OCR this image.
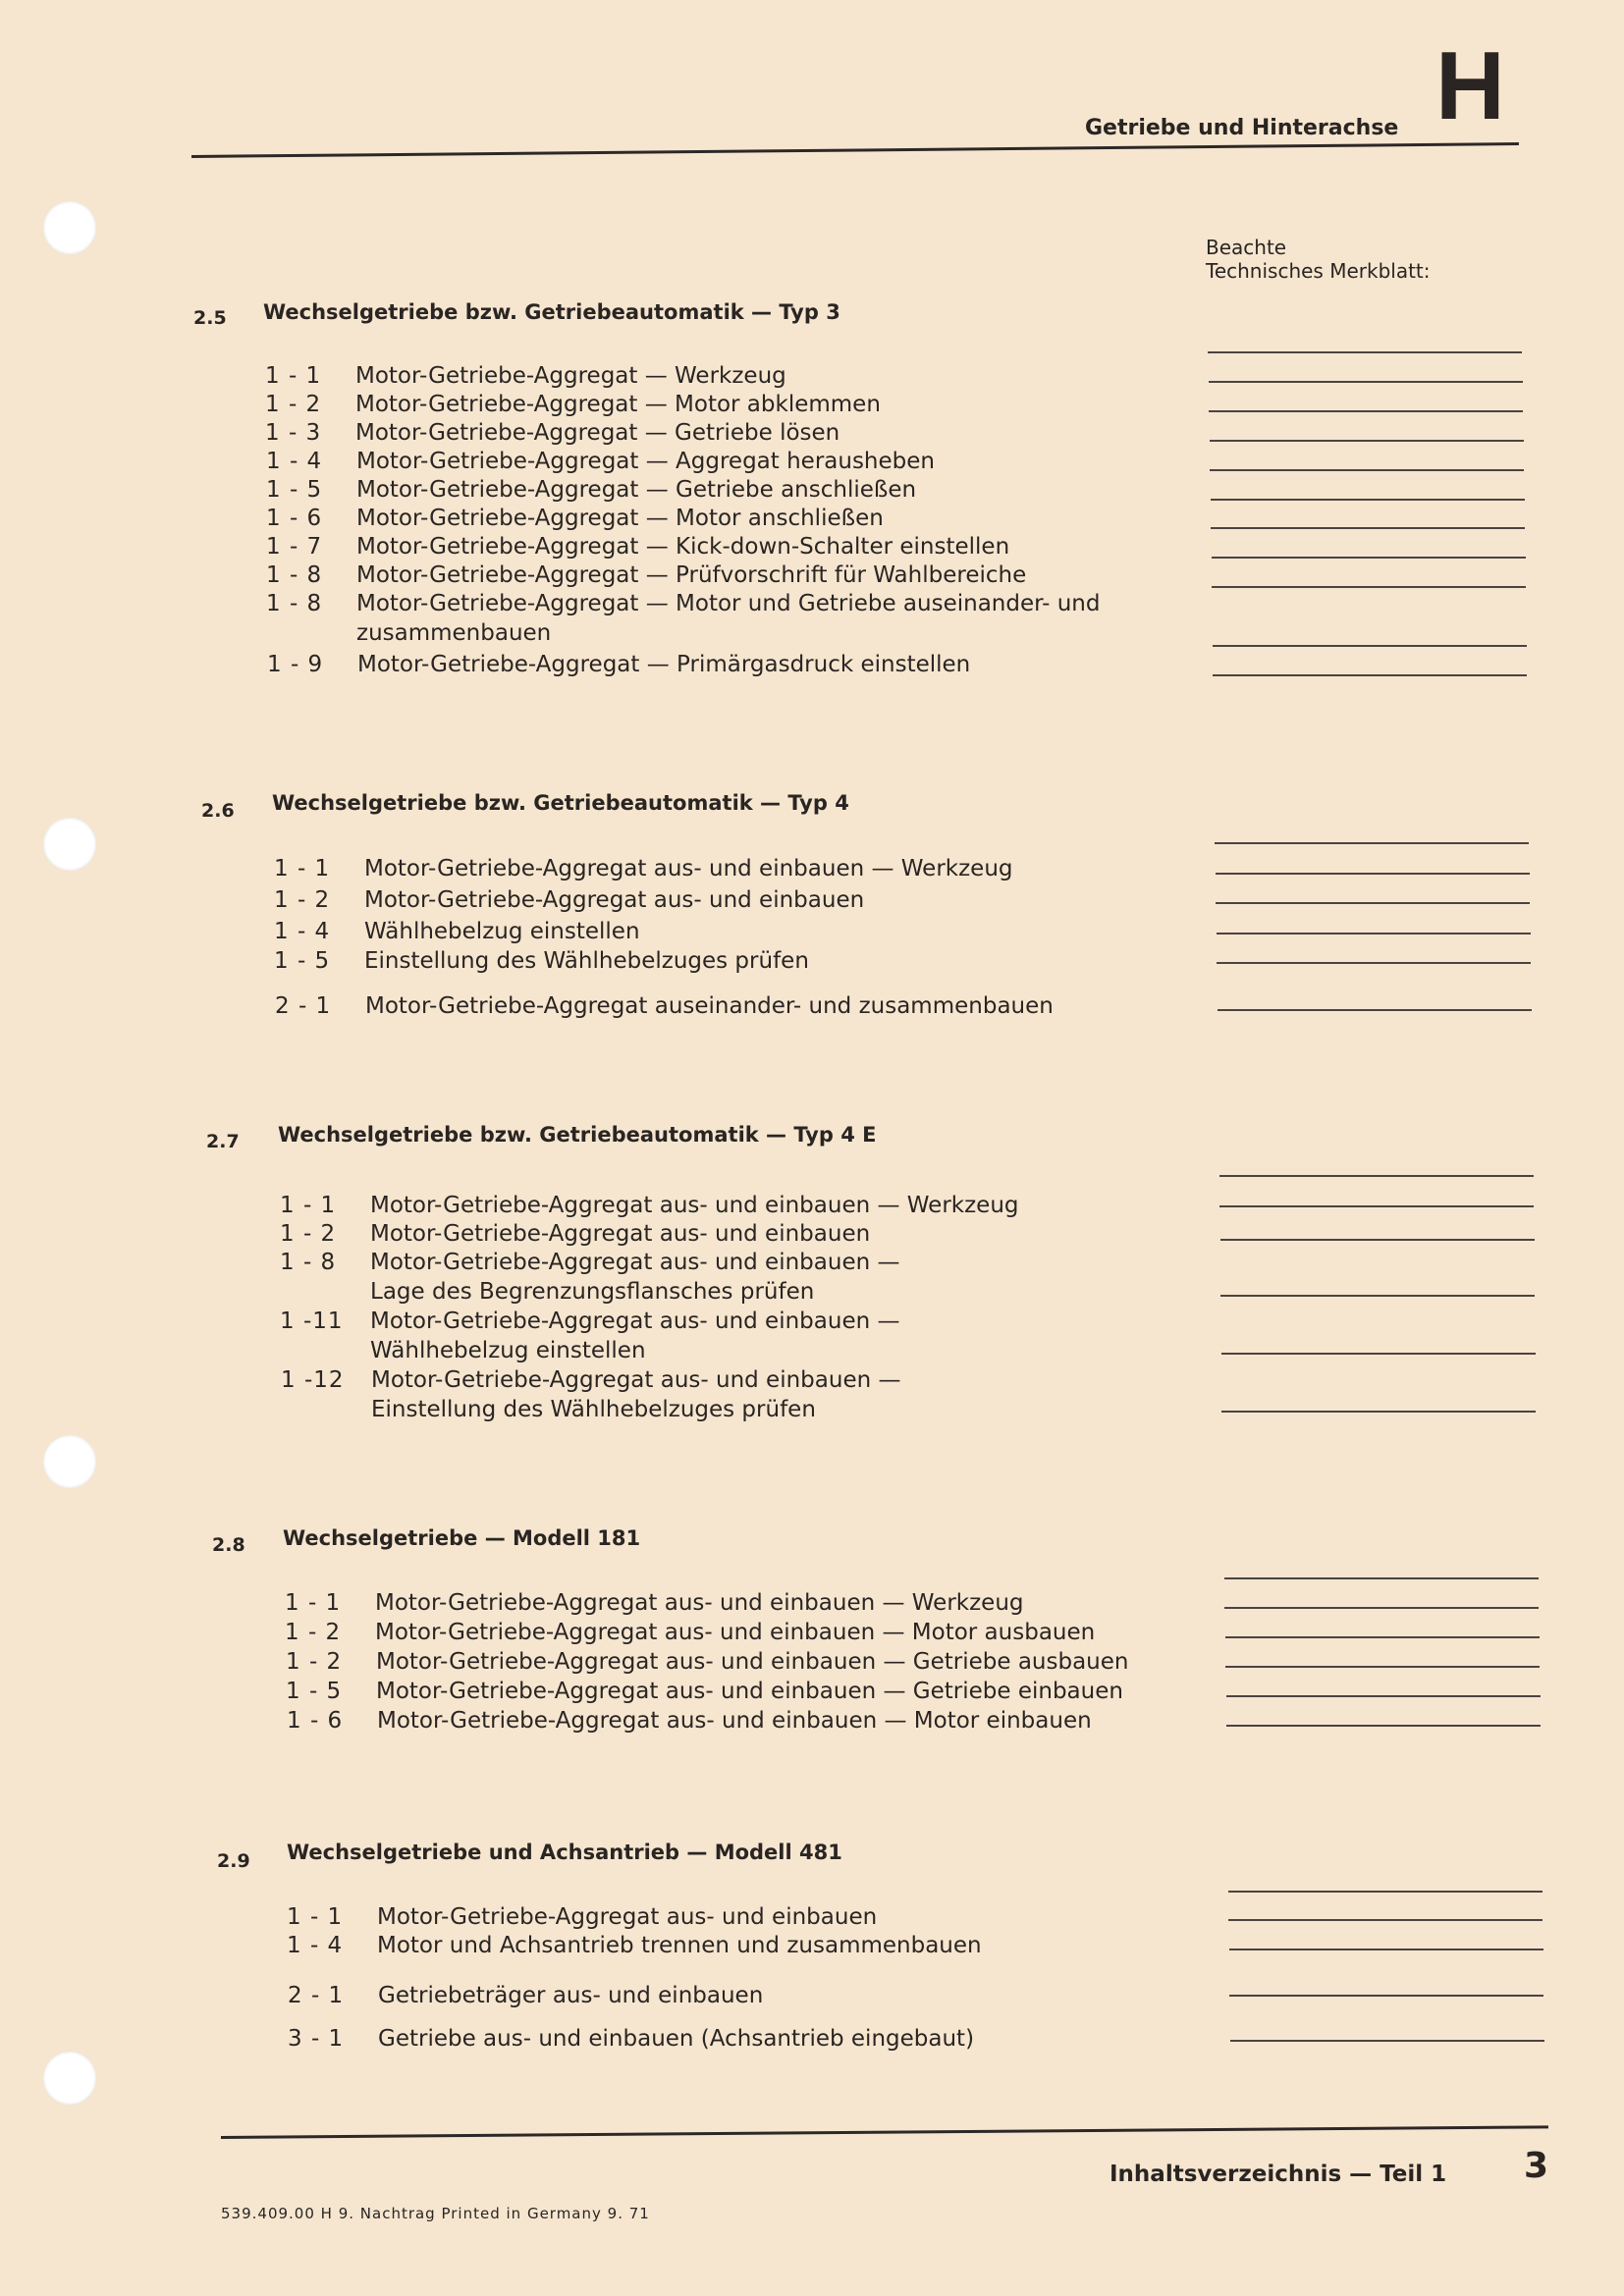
Getriebe und Hinterachse H
Beachte
Technisches Merkblatt:
2.5 Wechselgetriebe bzw. Getriebeautomatik — Typ 3
1 - 1 Motor-Getriebe-Aggregat — Werkzeug
1 - 2 Motor-Getriebe-Aggregat — Motor abklemmen
1 - 3 Motor-Getriebe-Aggregat — Getriebe lösen
1 - 4 Motor-Getriebe-Aggregat — Aggregat herausheben
1 - 5 Motor-Getriebe-Aggregat — Getriebe anschließen
1 - 6 Motor-Getriebe-Aggregat — Motor anschließen
1 - 7 Motor-Getriebe-Aggregat — Kick-down-Schalter einstellen
1 - 8 Motor-Getriebe-Aggregat — Prüfvorschrift für Wahlbereiche
1 - 8 Motor-Getriebe-Aggregat — Motor und Getriebe auseinander- und
zusammenbauen
1 - 9 Motor-Getriebe-Aggregat — Primärgasdruck einstellen
2.6 Wechselgetriebe bzw. Getriebeautomatik — Typ 4
1 - 1 Motor-Getriebe-Aggregat aus- und einbauen — Werkzeug
1 - 2 Motor-Getriebe-Aggregat aus- und einbauen
1 - 4 Wählhebelzug einstellen
1 - 5 Einstellung des Wählhebelzuges prüfen
2 - 1 Motor-Getriebe-Aggregat auseinander- und zusammenbauen
2.7 Wechselgetriebe bzw. Getriebeautomatik — Typ 4 E
1 - 1 Motor-Getriebe-Aggregat aus- und einbauen — Werkzeug
1 - 2 Motor-Getriebe-Aggregat aus- und einbauen
1 - 8 Motor-Getriebe-Aggregat aus- und einbauen —
Lage des Begrenzungsflansches prüfen
1 -11 Motor-Getriebe-Aggregat aus- und einbauen —
Wählhebelzug einstellen
1 -12 Motor-Getriebe-Aggregat aus- und einbauen —
Einstellung des Wählhebelzuges prüfen
2.8 Wechselgetriebe — Modell 181
1 - 1 Motor-Getriebe-Aggregat aus- und einbauen — Werkzeug
1 - 2 Motor-Getriebe-Aggregat aus- und einbauen — Motor ausbauen
1 - 2 Motor-Getriebe-Aggregat aus- und einbauen — Getriebe ausbauen
1 - 5 Motor-Getriebe-Aggregat aus- und einbauen — Getriebe einbauen
1 - 6 Motor-Getriebe-Aggregat aus- und einbauen — Motor einbauen
2.9 Wechselgetriebe und Achsantrieb — Modell 481
1 - 1 Motor-Getriebe-Aggregat aus- und einbauen
1 - 4 Motor und Achsantrieb trennen und zusammenbauen
2 - 1 Getriebeträger aus- und einbauen
3 - 1 Getriebe aus- und einbauen (Achsantrieb eingebaut)
Inhaltsverzeichnis — Teil 1 3
539.409.00 H 9. Nachtrag Printed in Germany 9. 71
